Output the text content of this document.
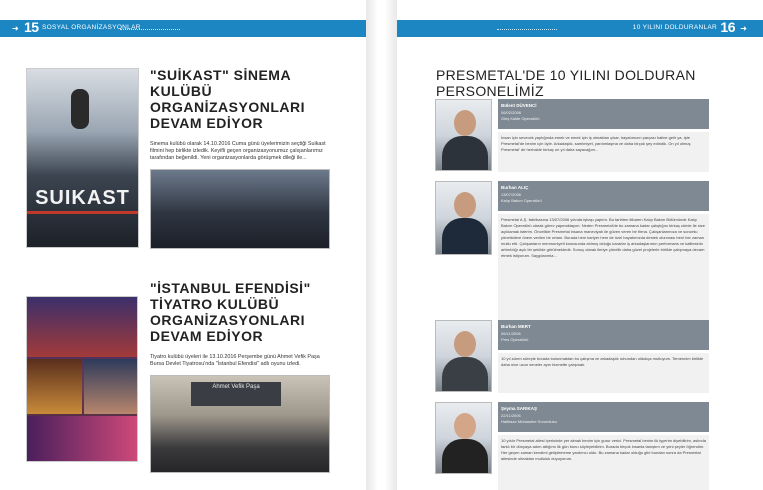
➜ 15 SOSYAL ORGANİZASYONLAR
SUIKAST
"SUİKAST" SİNEMA KULÜBÜ ORGANİZASYONLARI DEVAM EDİYOR
Sinema kulübü olarak 14.10.2016 Cuma günü üyelerimizin seçtiği Suikast filmini hep birlikte izledik. Keyifli geçen organizasyonumuz çalışanlarımız tarafından beğenildi. Yeni organizasyonlarda görüşmek dileği ile...
"İSTANBUL EFENDİSİ" TİYATRO KULÜBÜ ORGANİZASYONLARI DEVAM EDİYOR
Tiyatro kulübü üyeleri ile 13.10.2016 Perşembe günü Ahmet Vefik Paşa Bursa Devlet Tiyatrosu'nda "İstanbul Efendisi" adlı oyunu izledi.
Ahmet Vefik Paşa
10 YILINI DOLDURANLAR 16 ➜
PRESMETAL'DE 10 YILINI DOLDURAN PERSONELİMİZ
Bülent DÜVENCİ
06/02/2006
Giriş Kalite Operatörü
İnsan için sevecek yaptığında emek ve emek için iş olmaktan çıkar, hayatımızın parçası haline gelir ya, işte Presmetal'de benim için öyle. Arkadaşlık, samimiyet, yardımlaşma ve daha birçok şey edindik. On yıl olmuş Presmetal' de herhalde birkaç on yıl daha sayacağım...
Burhan ALIÇ
13/07/2006
Kalıp Bakım Operatörü
Presmetal A.Ş. fabrikasına 13/07/2006 yılında işbaşı yaptım. Bu tarihten itibaren Kalıp Bakım Bölümünde Kalıp Bakım Operatörü olarak görev yapmaktayım. Neden Presmetal'de bu zamana kadar çalıştığını birkaç cümle ile size açıklamak isterim. Öncelikle Presmetal insana maneviyatı ile güven veren bir firma. Çalışanlarımıza ve sorumlu yöneticilere önem verilen bir ortam. Burada hem kariyer hem de özel hayatımızda destek olunması beni her zaman mutlu etti. Çalışanların memnuniyeti konusunda atılmış olduğu kararlar iş arkadaşlarımın performans ve kalitesinin arttırıldığı açık bir şekilde görülmektedir. Sonuç olarak ileriye yönelik daha güzel projelerle birlikte çalışmaya devam etmek istiyorum. Saygılarımla...
Burhan MERT
06/11/2006
Pres Operatörü
10 yıl süren süreçte burada bulunmaktan bu çalışma ve arkadaşlık ruhundan oldukça mutluyum. Temennim birlikte daha nice uzun seneler aynı hizmette çalışmak.
Şeyma SARIKAŞ
22/11/2006
Halihazır Muhasebe Sorumlusu
10 yıldır Presmetal ailesi içerisinde yer almak benim için gurur verici. Presmetal benim ilk işyerim diyebilirim, aslında farklı bir dünyaya adım attığımı ilk gün bunu söyleyebilirim. Burada birçok insanla tanıştım ve yeni şeyler öğrendim. Her geçen zaman kendimi geliştirmeme yardımcı oldu. Bu zamana kadar olduğu gibi bundan sonra da Presmetal ailesinde olmaktan mutluluk duyuyorum.
